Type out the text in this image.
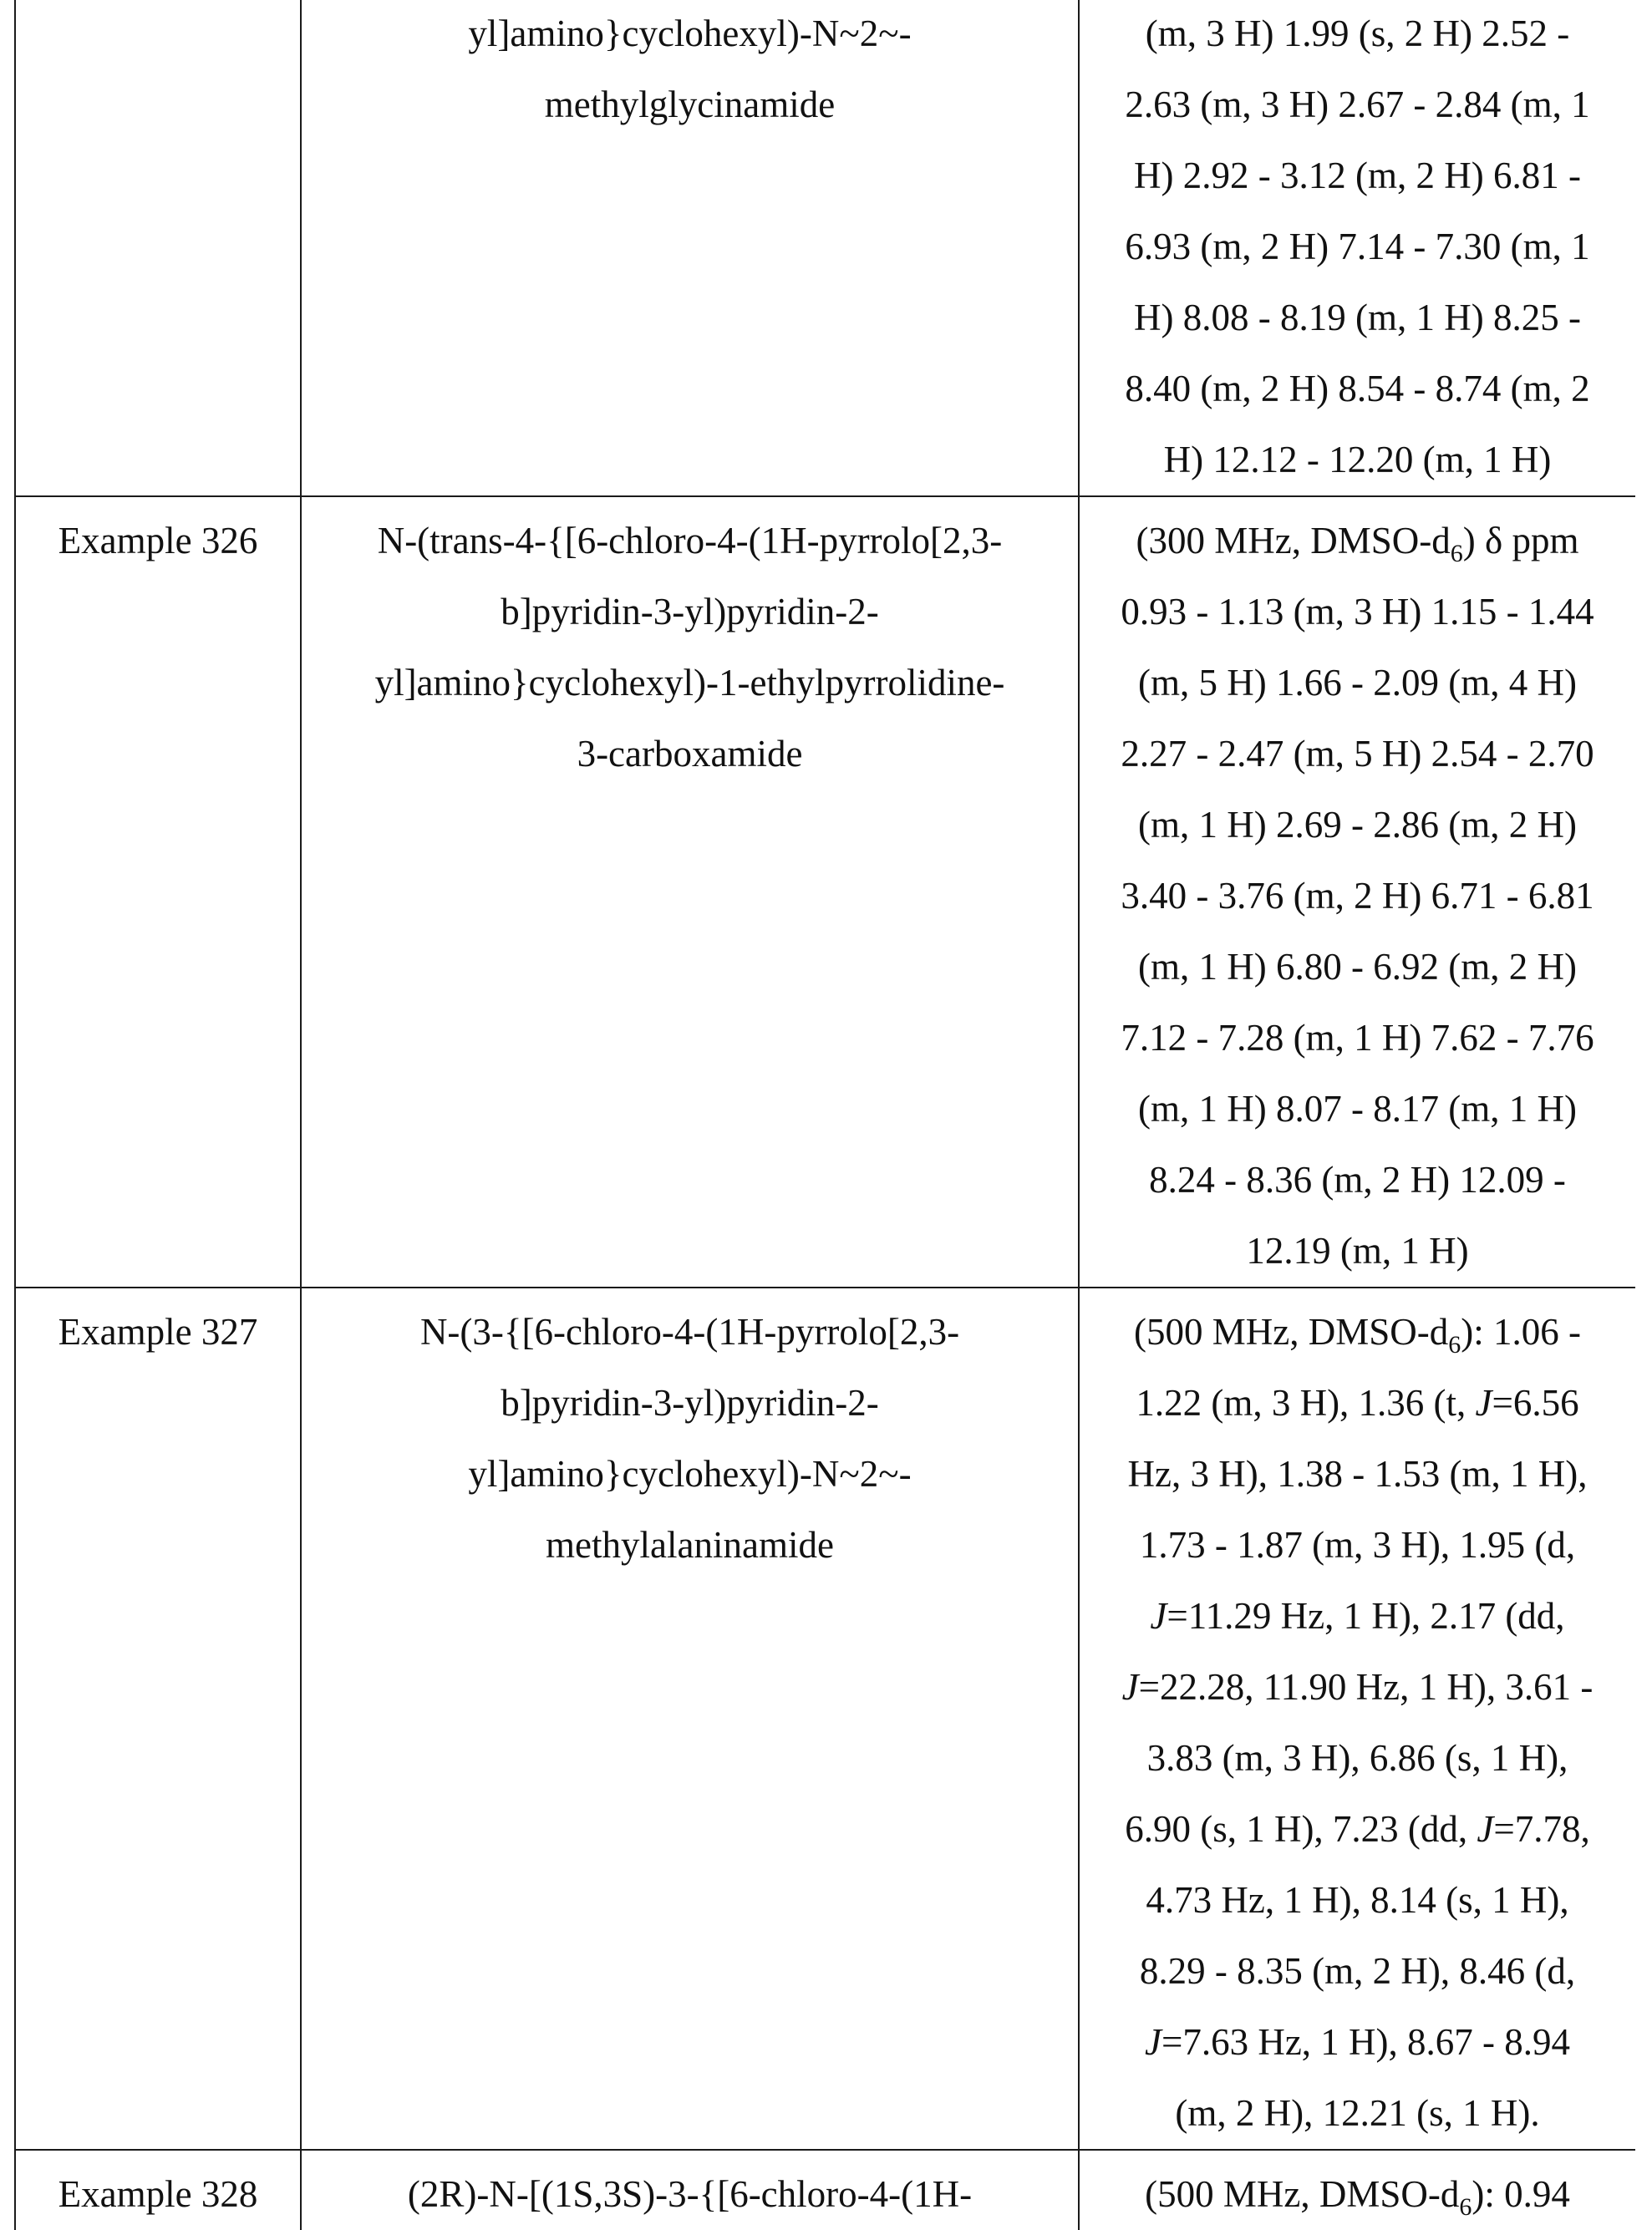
yl]amino}cyclohexyl)-N~2~-
methylglycinamide

(m, 3 H) 1.99 (s, 2 H) 2.52 -
2.63 (m, 3 H) 2.67 - 2.84 (m, 1
H) 2.92 - 3.12 (m, 2 H) 6.81 -
6.93 (m, 2 H) 7.14 - 7.30 (m, 1
H) 8.08 - 8.19 (m, 1 H) 8.25 -
8.40 (m, 2 H) 8.54 - 8.74 (m, 2
H) 12.12 - 12.20 (m, 1 H)

Example 326	N-(trans-4-{[6-chloro-4-(1H-pyrrolo[2,3-
b]pyridin-3-yl)pyridin-2-
yl]amino}cyclohexyl)-1-ethylpyrrolidine-
3-carboxamide

(300 MHz, DMSO-d6) δ ppm
0.93 - 1.13 (m, 3 H) 1.15 - 1.44
(m, 5 H) 1.66 - 2.09 (m, 4 H)
2.27 - 2.47 (m, 5 H) 2.54 - 2.70
(m, 1 H) 2.69 - 2.86 (m, 2 H)
3.40 - 3.76 (m, 2 H) 6.71 - 6.81
(m, 1 H) 6.80 - 6.92 (m, 2 H)
7.12 - 7.28 (m, 1 H) 7.62 - 7.76
(m, 1 H) 8.07 - 8.17 (m, 1 H)
8.24 - 8.36 (m, 2 H) 12.09 -
12.19 (m, 1 H)

Example 327	N-(3-{[6-chloro-4-(1H-pyrrolo[2,3-
b]pyridin-3-yl)pyridin-2-
yl]amino}cyclohexyl)-N~2~-
methylalaninamide

(500 MHz, DMSO-d6): 1.06 -
1.22 (m, 3 H), 1.36 (t, J=6.56
Hz, 3 H), 1.38 - 1.53 (m, 1 H),
1.73 - 1.87 (m, 3 H), 1.95 (d,
J=11.29 Hz, 1 H), 2.17 (dd,
J=22.28, 11.90 Hz, 1 H), 3.61 -
3.83 (m, 3 H), 6.86 (s, 1 H),
6.90 (s, 1 H), 7.23 (dd, J=7.78,
4.73 Hz, 1 H), 8.14 (s, 1 H),
8.29 - 8.35 (m, 2 H), 8.46 (d,
J=7.63 Hz, 1 H), 8.67 - 8.94
(m, 2 H), 12.21 (s, 1 H).

Example 328	(2R)-N-[(1S,3S)-3-{[6-chloro-4-(1H-	(500 MHz, DMSO-d6): 0.94
